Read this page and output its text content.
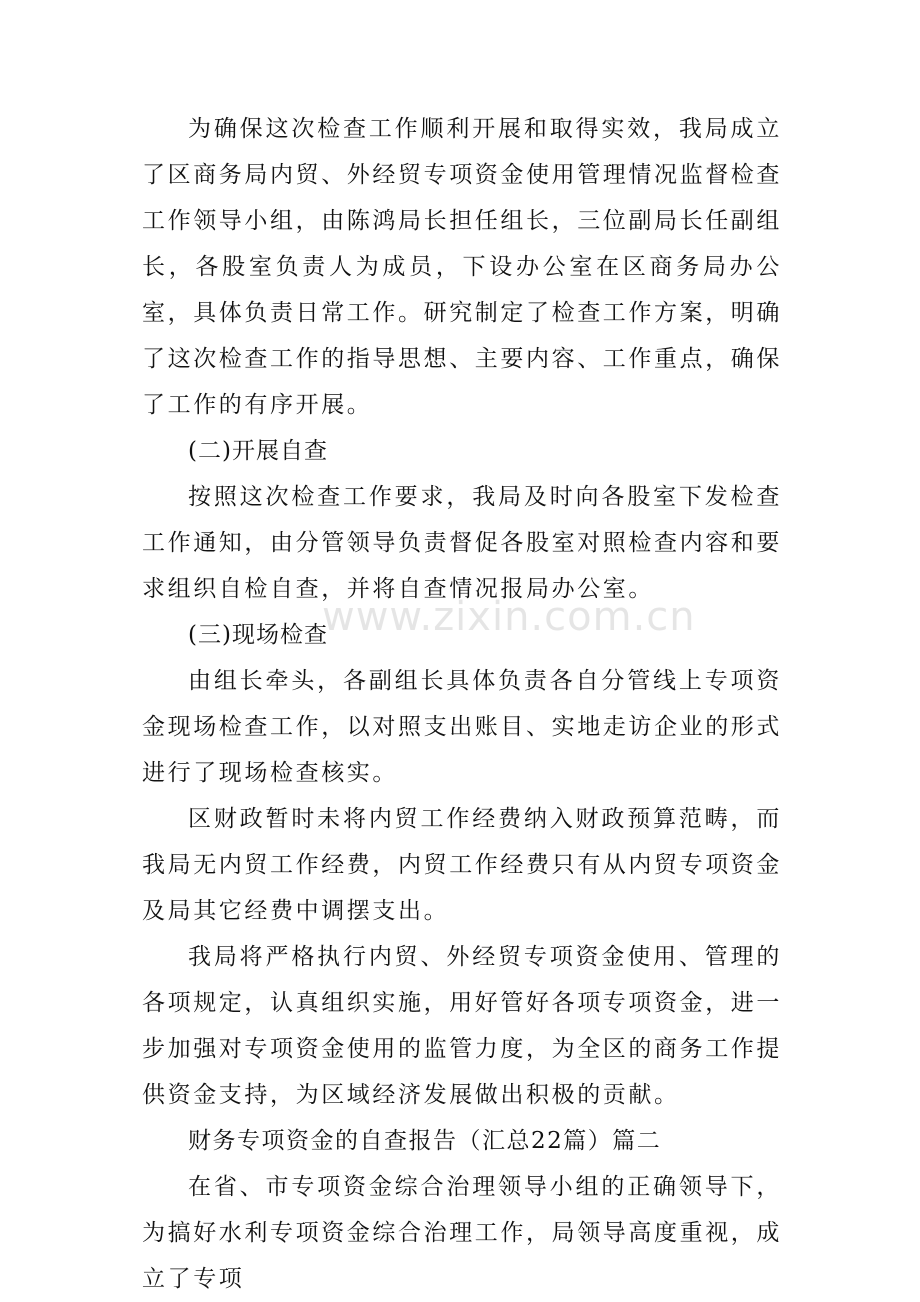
为确保这次检查工作顺利开展和取得实效，我局成立了区商务局内贸、外经贸专项资金使用管理情况监督检查工作领导小组，由陈鸿局长担任组长，三位副局长任副组长，各股室负责人为成员，下设办公室在区商务局办公室，具体负责日常工作。研究制定了检查工作方案，明确了这次检查工作的指导思想、主要内容、工作重点，确保了工作的有序开展。

(二)开展自查

按照这次检查工作要求，我局及时向各股室下发检查工作通知，由分管领导负责督促各股室对照检查内容和要求组织自检自查，并将自查情况报局办公室。

(三)现场检查

由组长牵头，各副组长具体负责各自分管线上专项资金现场检查工作，以对照支出账目、实地走访企业的形式进行了现场检查核实。

区财政暂时未将内贸工作经费纳入财政预算范畴，而我局无内贸工作经费，内贸工作经费只有从内贸专项资金及局其它经费中调摆支出。

我局将严格执行内贸、外经贸专项资金使用、管理的各项规定，认真组织实施，用好管好各项专项资金，进一步加强对专项资金使用的监管力度，为全区的商务工作提供资金支持，为区域经济发展做出积极的贡献。

财务专项资金的自查报告（汇总22篇）篇二

在省、市专项资金综合治理领导小组的正确领导下，为搞好水利专项资金综合治理工作，局领导高度重视，成立了专项

www.zixin.com.cn
